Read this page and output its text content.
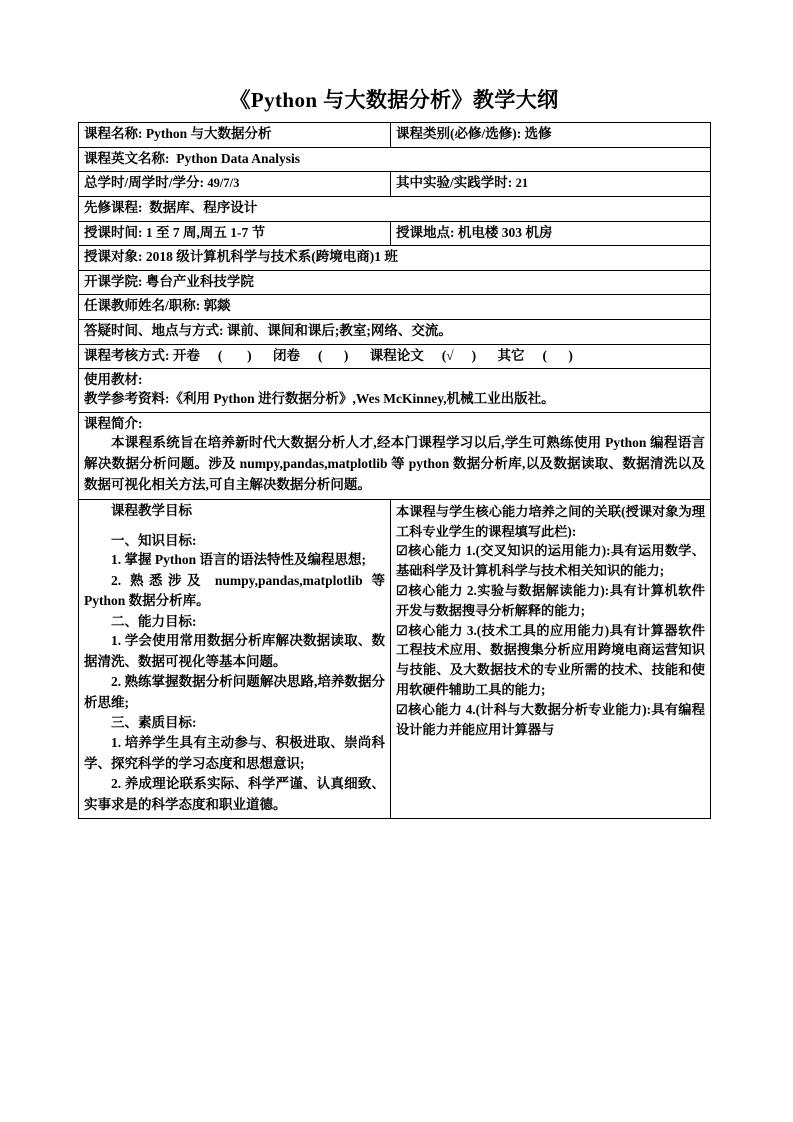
《Python 与大数据分析》教学大纲
课程名称: Python 与大数据分析	课程类别(必修/选修): 选修
课程英文名称: Python Data Analysis	
总学时/周学时/学分: 49/7/3	其中实验/实践学时: 21
先修课程: 数据库、程序设计	
授课时间: 1 至 7 周,周五 1-7 节	授课地点: 机电楼 303 机房
授课对象: 2018 级计算机科学与技术系(跨境电商)1 班	
开课学院: 粤台产业科技学院	
任课教师姓名/职称: 郭燚	
答疑时间、地点与方式: 课前、课间和课后;教室;网络、交流。	
课程考核方式: 开卷 (  ) 闭卷 ( ) 课程论文 (√ ) 其它 ( )	

使用教材:
教学参考资料:《利用 Python 进行数据分析》,Wes McKinney,机械工业出版社。	

课程简介:
本课程系统旨在培养新时代大数据分析人才,经本门课程学习以后,学生可熟练使用 Python 编程语言解决数据分析问题。涉及 numpy,pandas,matplotlib 等 python 数据分析库,以及数据读取、数据清洗以及数据可视化相关方法,可自主解决数据分析问题。	

课程教学目标
一、知识目标:
1. 掌握 Python 语言的语法特性及编程思想;
2. 熟悉涉及 numpy,pandas,matplotlib 等 Python 数据分析库。
二、能力目标:
1. 学会使用常用数据分析库解决数据读取、数据清洗、数据可视化等基本问题。
2. 熟练掌握数据分析问题解决思路,培养数据分析思维;
三、素质目标:
1. 培养学生具有主动参与、积极进取、崇尚科学、探究科学的学习态度和思想意识;
2. 养成理论联系实际、科学严谨、认真细致、实事求是的科学态度和职业道德。

本课程与学生核心能力培养之间的关联(授课对象为理工科专业学生的课程填写此栏):
☑核心能力 1.(交叉知识的运用能力):具有运用数学、基础科学及计算机科学与技术相关知识的能力;
☑核心能力 2.实验与数据解读能力):具有计算机软件开发与数据搜寻分析解释的能力;
☑核心能力 3.(技术工具的应用能力)具有计算器软件工程技术应用、数据搜集分析应用跨境电商运营知识与技能、及大数据技术的专业所需的技术、技能和使用软硬件辅助工具的能力;
☑核心能力 4.(计科与大数据分析专业能力):具有编程设计能力并能应用计算器与
